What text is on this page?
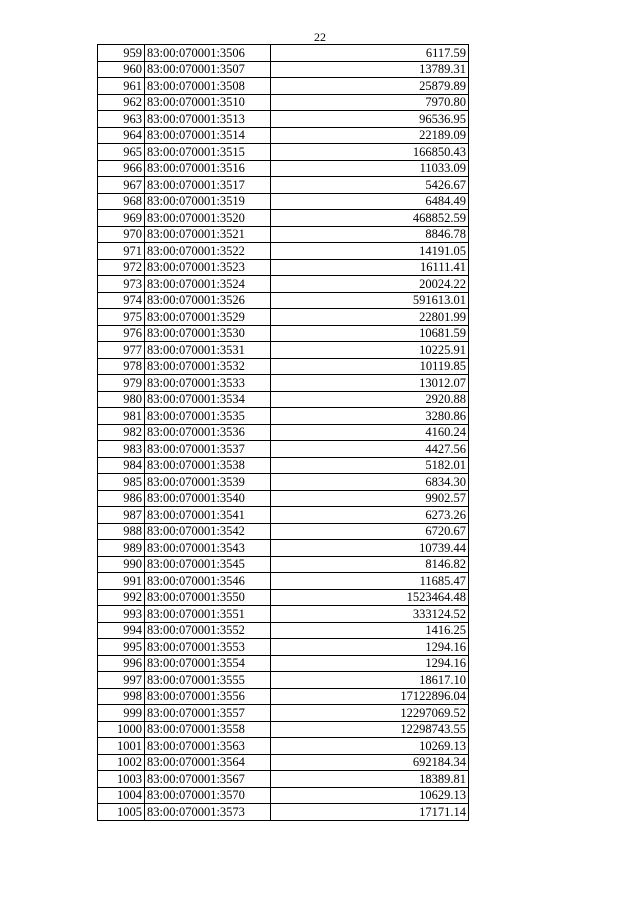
22
959	83:00:070001:3506	6117.59
960	83:00:070001:3507	13789.31
961	83:00:070001:3508	25879.89
962	83:00:070001:3510	7970.80
963	83:00:070001:3513	96536.95
964	83:00:070001:3514	22189.09
965	83:00:070001:3515	166850.43
966	83:00:070001:3516	11033.09
967	83:00:070001:3517	5426.67
968	83:00:070001:3519	6484.49
969	83:00:070001:3520	468852.59
970	83:00:070001:3521	8846.78
971	83:00:070001:3522	14191.05
972	83:00:070001:3523	16111.41
973	83:00:070001:3524	20024.22
974	83:00:070001:3526	591613.01
975	83:00:070001:3529	22801.99
976	83:00:070001:3530	10681.59
977	83:00:070001:3531	10225.91
978	83:00:070001:3532	10119.85
979	83:00:070001:3533	13012.07
980	83:00:070001:3534	2920.88
981	83:00:070001:3535	3280.86
982	83:00:070001:3536	4160.24
983	83:00:070001:3537	4427.56
984	83:00:070001:3538	5182.01
985	83:00:070001:3539	6834.30
986	83:00:070001:3540	9902.57
987	83:00:070001:3541	6273.26
988	83:00:070001:3542	6720.67
989	83:00:070001:3543	10739.44
990	83:00:070001:3545	8146.82
991	83:00:070001:3546	11685.47
992	83:00:070001:3550	1523464.48
993	83:00:070001:3551	333124.52
994	83:00:070001:3552	1416.25
995	83:00:070001:3553	1294.16
996	83:00:070001:3554	1294.16
997	83:00:070001:3555	18617.10
998	83:00:070001:3556	17122896.04
999	83:00:070001:3557	12297069.52
1000	83:00:070001:3558	12298743.55
1001	83:00:070001:3563	10269.13
1002	83:00:070001:3564	692184.34
1003	83:00:070001:3567	18389.81
1004	83:00:070001:3570	10629.13
1005	83:00:070001:3573	17171.14
